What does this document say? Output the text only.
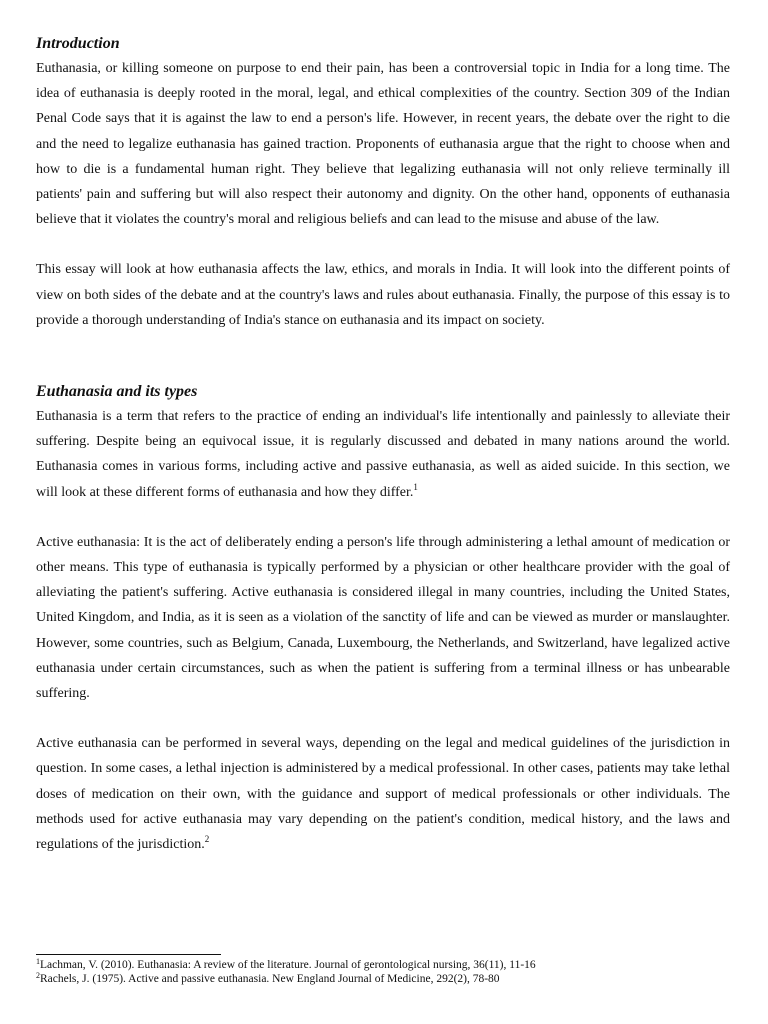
Introduction

Euthanasia, or killing someone on purpose to end their pain, has been a controversial topic in India for a long time. The idea of euthanasia is deeply rooted in the moral, legal, and ethical complexities of the country. Section 309 of the Indian Penal Code says that it is against the law to end a person's life. However, in recent years, the debate over the right to die and the need to legalize euthanasia has gained traction. Proponents of euthanasia argue that the right to choose when and how to die is a fundamental human right. They believe that legalizing euthanasia will not only relieve terminally ill patients' pain and suffering but will also respect their autonomy and dignity. On the other hand, opponents of euthanasia believe that it violates the country's moral and religious beliefs and can lead to the misuse and abuse of the law.

This essay will look at how euthanasia affects the law, ethics, and morals in India. It will look into the different points of view on both sides of the debate and at the country's laws and rules about euthanasia. Finally, the purpose of this essay is to provide a thorough understanding of India's stance on euthanasia and its impact on society.

Euthanasia and its types

Euthanasia is a term that refers to the practice of ending an individual's life intentionally and painlessly to alleviate their suffering. Despite being an equivocal issue, it is regularly discussed and debated in many nations around the world. Euthanasia comes in various forms, including active and passive euthanasia, as well as aided suicide. In this section, we will look at these different forms of euthanasia and how they differ.$^1$

Active euthanasia: It is the act of deliberately ending a person's life through administering a lethal amount of medication or other means. This type of euthanasia is typically performed by a physician or other healthcare provider with the goal of alleviating the patient's suffering. Active euthanasia is considered illegal in many countries, including the United States, United Kingdom, and India, as it is seen as a violation of the sanctity of life and can be viewed as murder or manslaughter. However, some countries, such as Belgium, Canada, Luxembourg, the Netherlands, and Switzerland, have legalized active euthanasia under certain circumstances, such as when the patient is suffering from a terminal illness or has unbearable suffering.

Active euthanasia can be performed in several ways, depending on the legal and medical guidelines of the jurisdiction in question. In some cases, a lethal injection is administered by a medical professional. In other cases, patients may take lethal doses of medication on their own, with the guidance and support of medical professionals or other individuals. The methods used for active euthanasia may vary depending on the patient's condition, medical history, and the laws and regulations of the jurisdiction.$^2$

$^1$Lachman, V. (2010). Euthanasia: A review of the literature. Journal of gerontological nursing, 36(11), 11-16
$^2$Rachels, J. (1975). Active and passive euthanasia. New England Journal of Medicine, 292(2), 78-80
